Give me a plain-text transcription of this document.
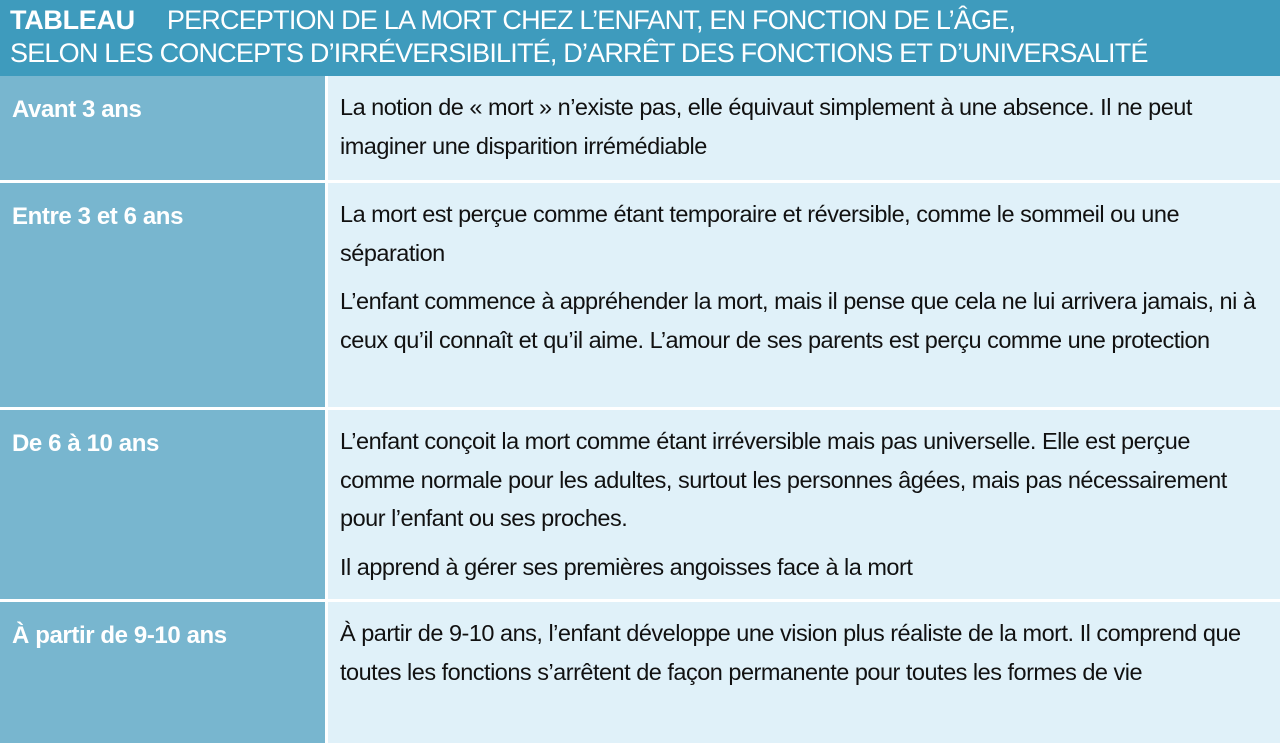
TABLEAU PERCEPTION DE LA MORT CHEZ L’ENFANT, EN FONCTION DE L’ÂGE,
SELON LES CONCEPTS D’IRRÉVERSIBILITÉ, D’ARRÊT DES FONCTIONS ET D’UNIVERSALITÉ
Avant 3 ans	La notion de « mort » n’existe pas, elle équivaut simplement à une absence. Il ne peut imaginer une disparition irrémédiable

Entre 3 et 6 ans	La mort est perçue comme étant temporaire et réversible, comme le sommeil ou une séparation

L’enfant commence à appréhender la mort, mais il pense que cela ne lui arrivera jamais, ni à ceux qu’il connaît et qu’il aime. L’amour de ses parents est perçu comme une protection

De 6 à 10 ans	L’enfant conçoit la mort comme étant irréversible mais pas universelle. Elle est perçue comme normale pour les adultes, surtout les personnes âgées, mais pas nécessairement pour l’enfant ou ses proches.

Il apprend à gérer ses premières angoisses face à la mort

À partir de 9-10 ans	À partir de 9-10 ans, l’enfant développe une vision plus réaliste de la mort. Il comprend que toutes les fonctions s’arrêtent de façon permanente pour toutes les formes de vie
